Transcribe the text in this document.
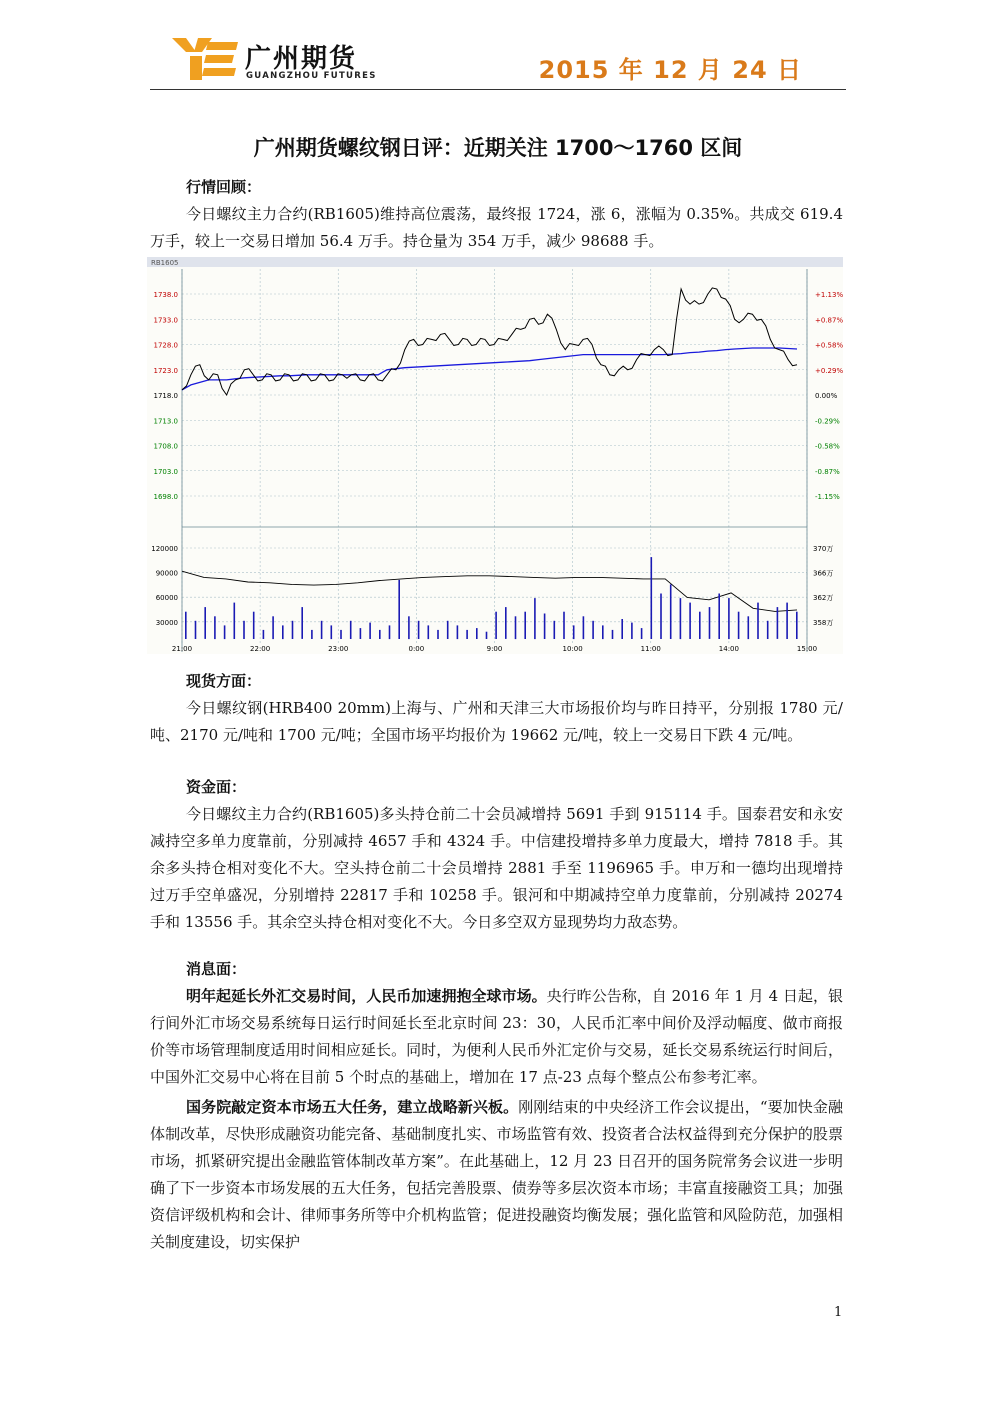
广州期货
GUANGZHOU FUTURES	2015 年 12 月 24 日
广州期货螺纹钢日评：近期关注 1700～1760 区间
行情回顾：
今日螺纹主力合约(RB1605)维持高位震荡，最终报 1724，涨 6，涨幅为 0.35%。共成交 619.4 万手，较上一交易日增加 56.4 万手。持仓量为 354 万手，减少 98688 手。
RB1605
1738.0
1733.0
1728.0
1723.0
1718.0
1713.0
1708.0
1703.0
1698.0
+1.13%
+0.87%
+0.58%
+0.29%
0.00%
-0.29%
-0.58%
-0.87%
-1.15%
120000
90000
60000
30000
370万
366万
362万
358万
21:00	22:00	23:00	0:00	9:00	10:00	11:00	14:00	15:00
现货方面：
今日螺纹钢(HRB400 20mm)上海与、广州和天津三大市场报价均与昨日持平，分别报 1780 元/吨、2170 元/吨和 1700 元/吨；全国市场平均报价为 19662 元/吨，较上一交易日下跌 4 元/吨。
资金面：
今日螺纹主力合约(RB1605)多头持仓前二十会员减增持 5691 手到 915114 手。国泰君安和永安减持空多单力度靠前，分别减持 4657 手和 4324 手。中信建投增持多单力度最大，增持 7818 手。其余多头持仓相对变化不大。空头持仓前二十会员增持 2881 手至 1196965 手。申万和一德均出现增持过万手空单盛况，分别增持 22817 手和 10258 手。银河和中期减持空单力度靠前，分别减持 20274 手和 13556 手。其余空头持仓相对变化不大。今日多空双方显现势均力敌态势。
消息面：
明年起延长外汇交易时间，人民币加速拥抱全球市场。央行昨公告称，自 2016 年 1 月 4 日起，银行间外汇市场交易系统每日运行时间延长至北京时间 23：30，人民币汇率中间价及浮动幅度、做市商报价等市场管理制度适用时间相应延长。同时，为便利人民币外汇定价与交易，延长交易系统运行时间后，中国外汇交易中心将在目前 5 个时点的基础上，增加在 17 点-23 点每个整点公布参考汇率。
国务院敲定资本市场五大任务，建立战略新兴板。刚刚结束的中央经济工作会议提出，“要加快金融体制改革，尽快形成融资功能完备、基础制度扎实、市场监管有效、投资者合法权益得到充分保护的股票市场，抓紧研究提出金融监管体制改革方案”。在此基础上，12 月 23 日召开的国务院常务会议进一步明确了下一步资本市场发展的五大任务，包括完善股票、债券等多层次资本市场；丰富直接融资工具；加强资信评级机构和会计、律师事务所等中介机构监管；促进投融资均衡发展；强化监管和风险防范，加强相关制度建设，切实保护
1
